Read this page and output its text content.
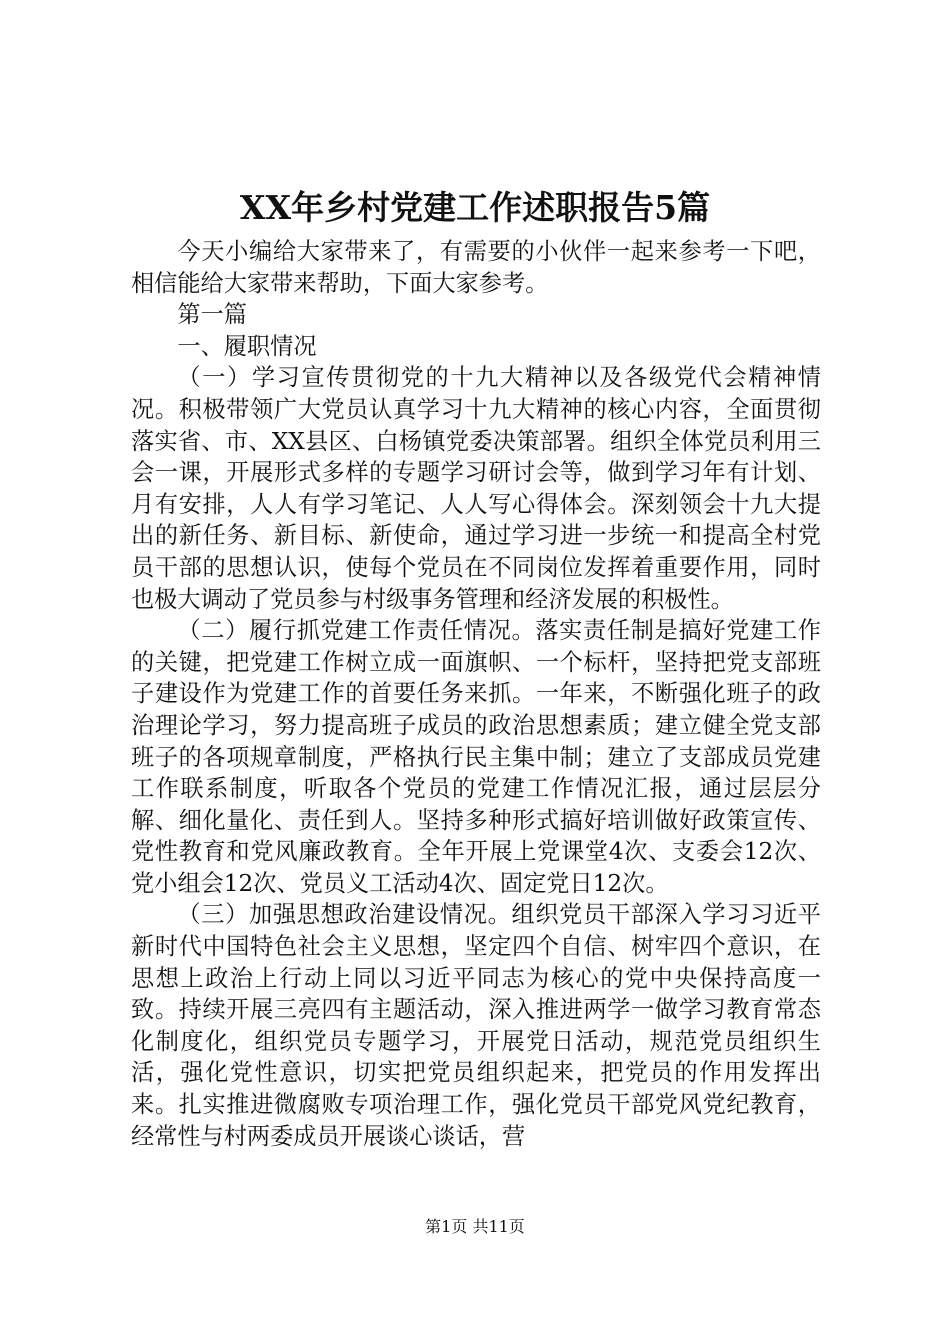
XX年乡村党建工作述职报告5篇

今天小编给大家带来了，有需要的小伙伴一起来参考一下吧，相信能给大家带来帮助，下面大家参考。

第一篇

一、履职情况

（一）学习宣传贯彻党的十九大精神以及各级党代会精神情况。积极带领广大党员认真学习十九大精神的核心内容，全面贯彻落实省、市、XX县区、白杨镇党委决策部署。组织全体党员利用三会一课，开展形式多样的专题学习研讨会等，做到学习年有计划、月有安排，人人有学习笔记、人人写心得体会。深刻领会十九大提出的新任务、新目标、新使命，通过学习进一步统一和提高全村党员干部的思想认识，使每个党员在不同岗位发挥着重要作用，同时也极大调动了党员参与村级事务管理和经济发展的积极性。

（二）履行抓党建工作责任情况。落实责任制是搞好党建工作的关键，把党建工作树立成一面旗帜、一个标杆，坚持把党支部班子建设作为党建工作的首要任务来抓。一年来，不断强化班子的政治理论学习，努力提高班子成员的政治思想素质；建立健全党支部班子的各项规章制度，严格执行民主集中制；建立了支部成员党建工作联系制度，听取各个党员的党建工作情况汇报，通过层层分解、细化量化、责任到人。坚持多种形式搞好培训做好政策宣传、党性教育和党风廉政教育。全年开展上党课堂4次、支委会12次、党小组会12次、党员义工活动4次、固定党日12次。

（三）加强思想政治建设情况。组织党员干部深入学习习近平新时代中国特色社会主义思想，坚定四个自信、树牢四个意识，在思想上政治上行动上同以习近平同志为核心的党中央保持高度一致。持续开展三亮四有主题活动，深入推进两学一做学习教育常态化制度化，组织党员专题学习，开展党日活动，规范党员组织生活，强化党性意识，切实把党员组织起来，把党员的作用发挥出来。扎实推进微腐败专项治理工作，强化党员干部党风党纪教育，经常性与村两委成员开展谈心谈话，营

第1页 共11页
